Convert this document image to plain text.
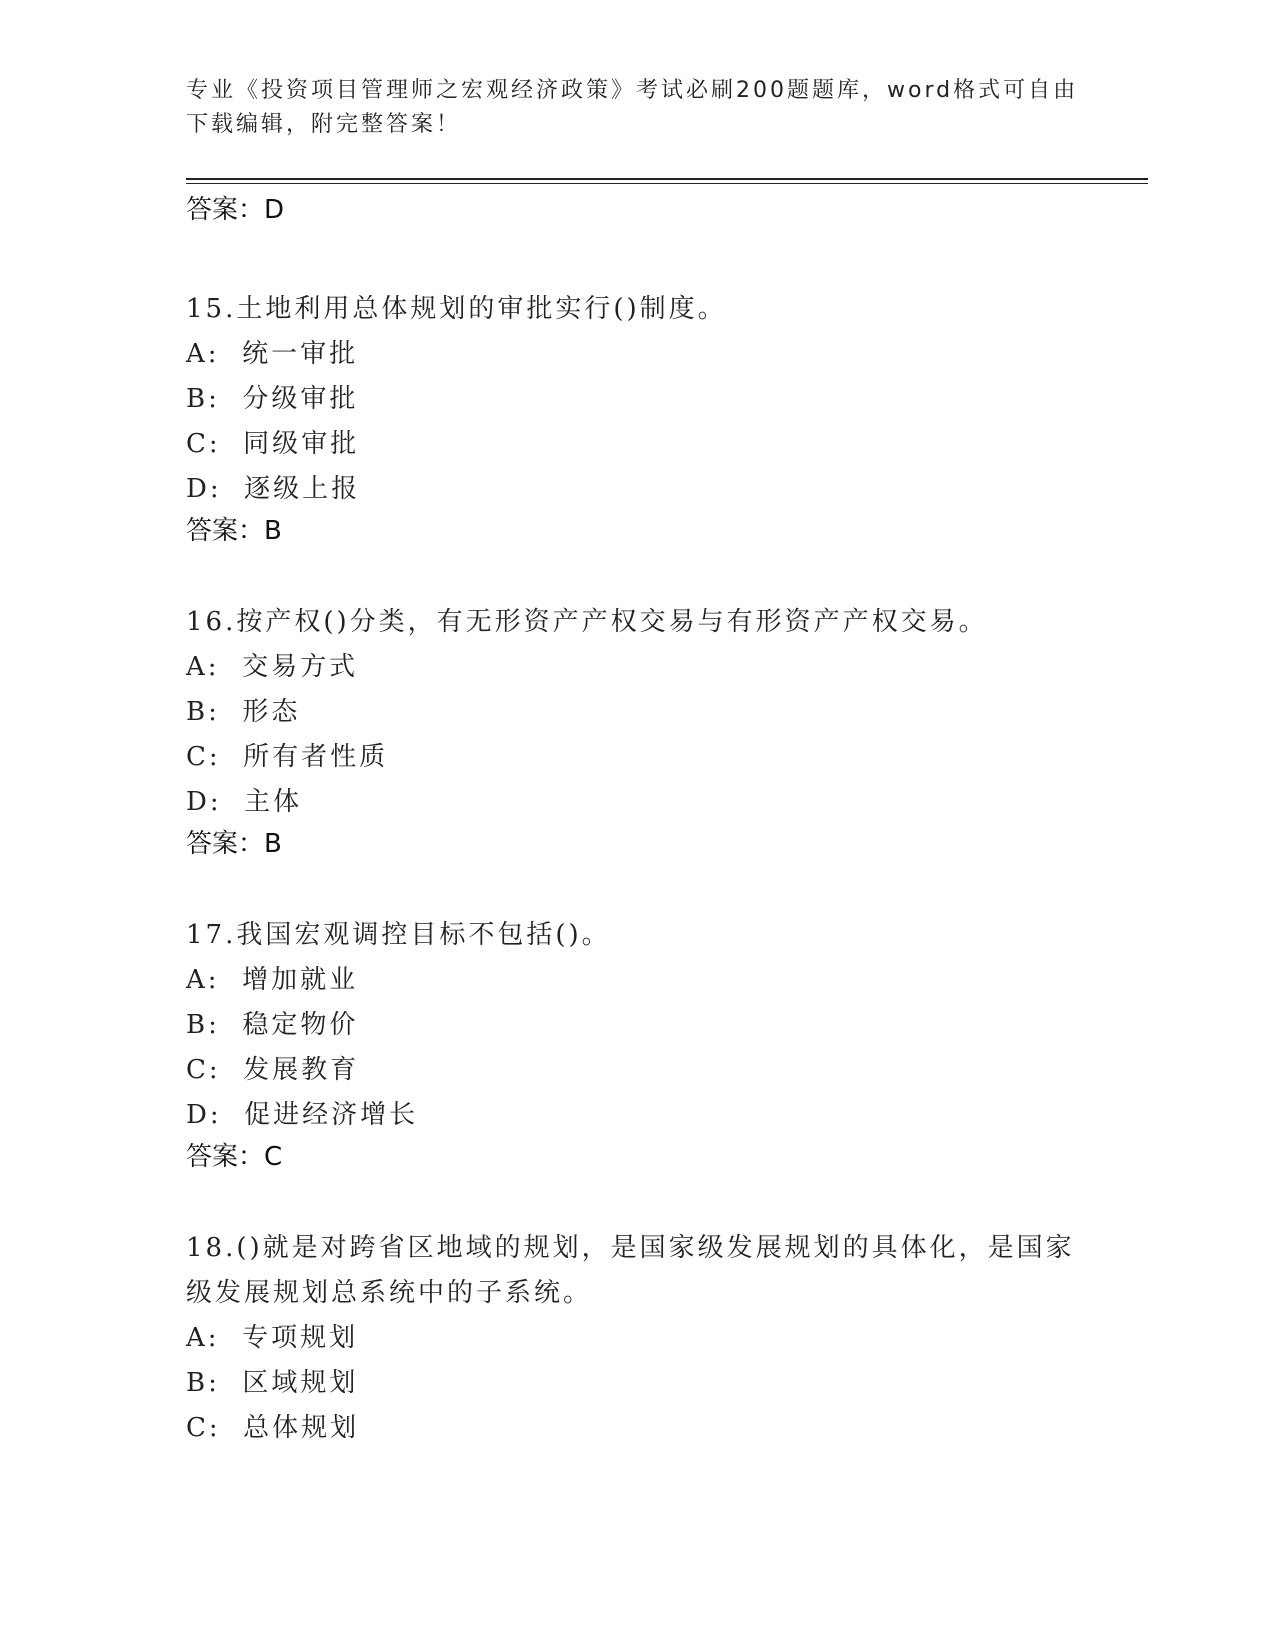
专业《投资项目管理师之宏观经济政策》考试必刷200题题库，word格式可自由
下载编辑，附完整答案！

答案：D

15.土地利用总体规划的审批实行()制度。

A:  统一审批

B:  分级审批

C:  同级审批

D:  逐级上报

答案：B

16.按产权()分类，有无形资产产权交易与有形资产产权交易。

A:  交易方式

B:  形态

C:  所有者性质

D:  主体

答案：B

17.我国宏观调控目标不包括()。

A:  增加就业

B:  稳定物价

C:  发展教育

D:  促进经济增长

答案：C

18.()就是对跨省区地域的规划，是国家级发展规划的具体化，是国家

级发展规划总系统中的子系统。

A:  专项规划

B:  区域规划

C:  总体规划
